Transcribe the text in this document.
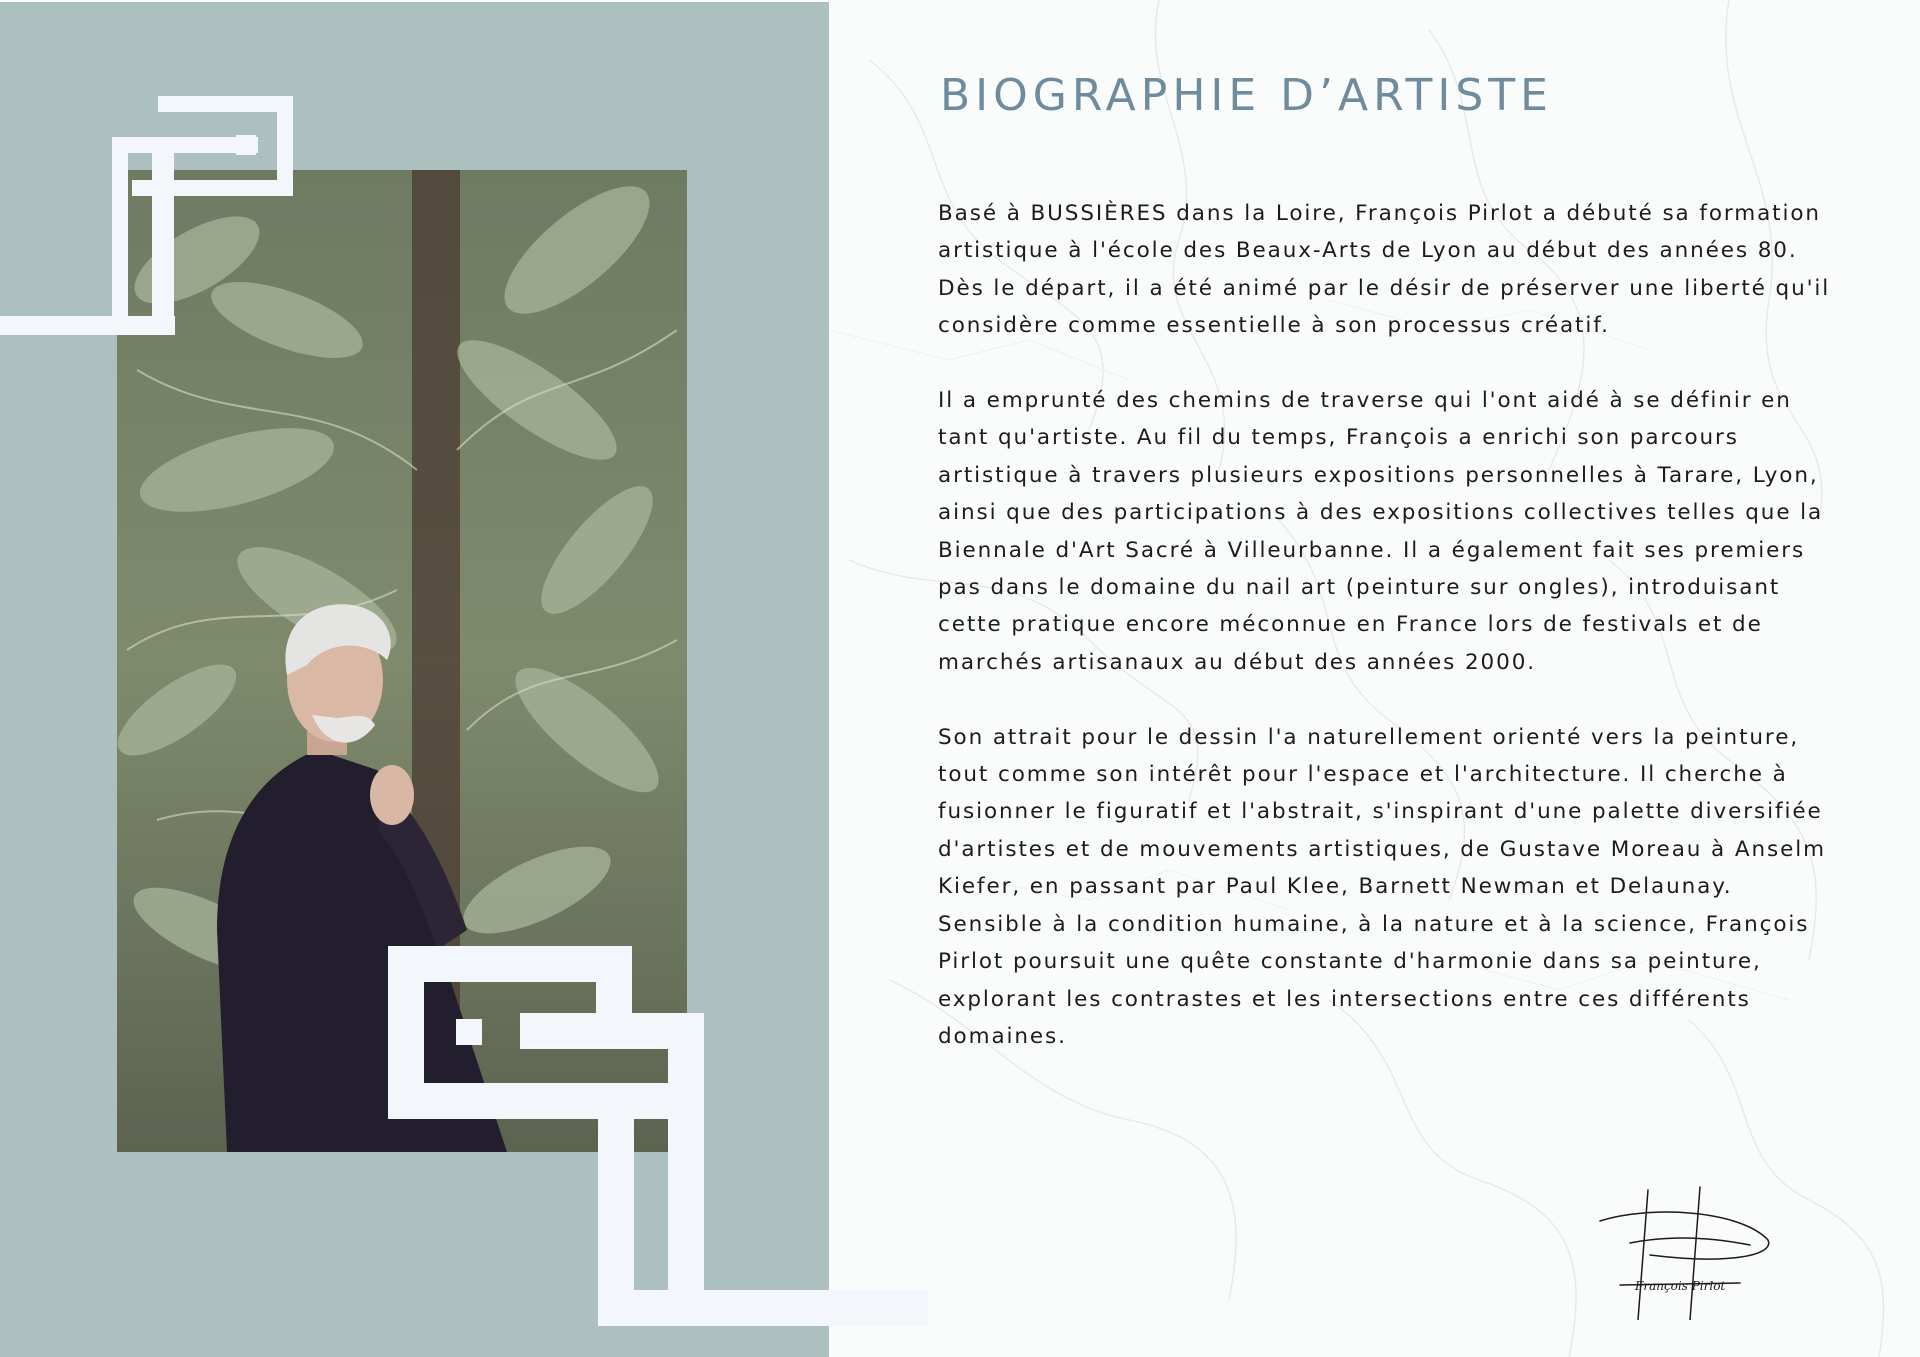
BIOGRAPHIE D’ARTISTE

Basé à BUSSIÈRES dans la Loire, François Pirlot a débuté sa formation artistique à l'école des Beaux-Arts de Lyon au début des années 80. Dès le départ, il a été animé par le désir de préserver une liberté qu'il considère comme essentielle à son processus créatif.

Il a emprunté des chemins de traverse qui l'ont aidé à se définir en tant qu'artiste. Au fil du temps, François a enrichi son parcours artistique à travers plusieurs expositions personnelles à Tarare, Lyon, ainsi que des participations à des expositions collectives telles que la Biennale d'Art Sacré à Villeurbanne. Il a également fait ses premiers pas dans le domaine du nail art (peinture sur ongles), introduisant cette pratique encore méconnue en France lors de festivals et de marchés artisanaux au début des années 2000.

Son attrait pour le dessin l'a naturellement orienté vers la peinture, tout comme son intérêt pour l'espace et l'architecture. Il cherche à fusionner le figuratif et l'abstrait, s'inspirant d'une palette diversifiée d'artistes et de mouvements artistiques, de Gustave Moreau à Anselm Kiefer, en passant par Paul Klee, Barnett Newman et Delaunay. Sensible à la condition humaine, à la nature et à la science, François Pirlot poursuit une quête constante d'harmonie dans sa peinture, explorant les contrastes et les intersections entre ces différents domaines.

François Pirlot
